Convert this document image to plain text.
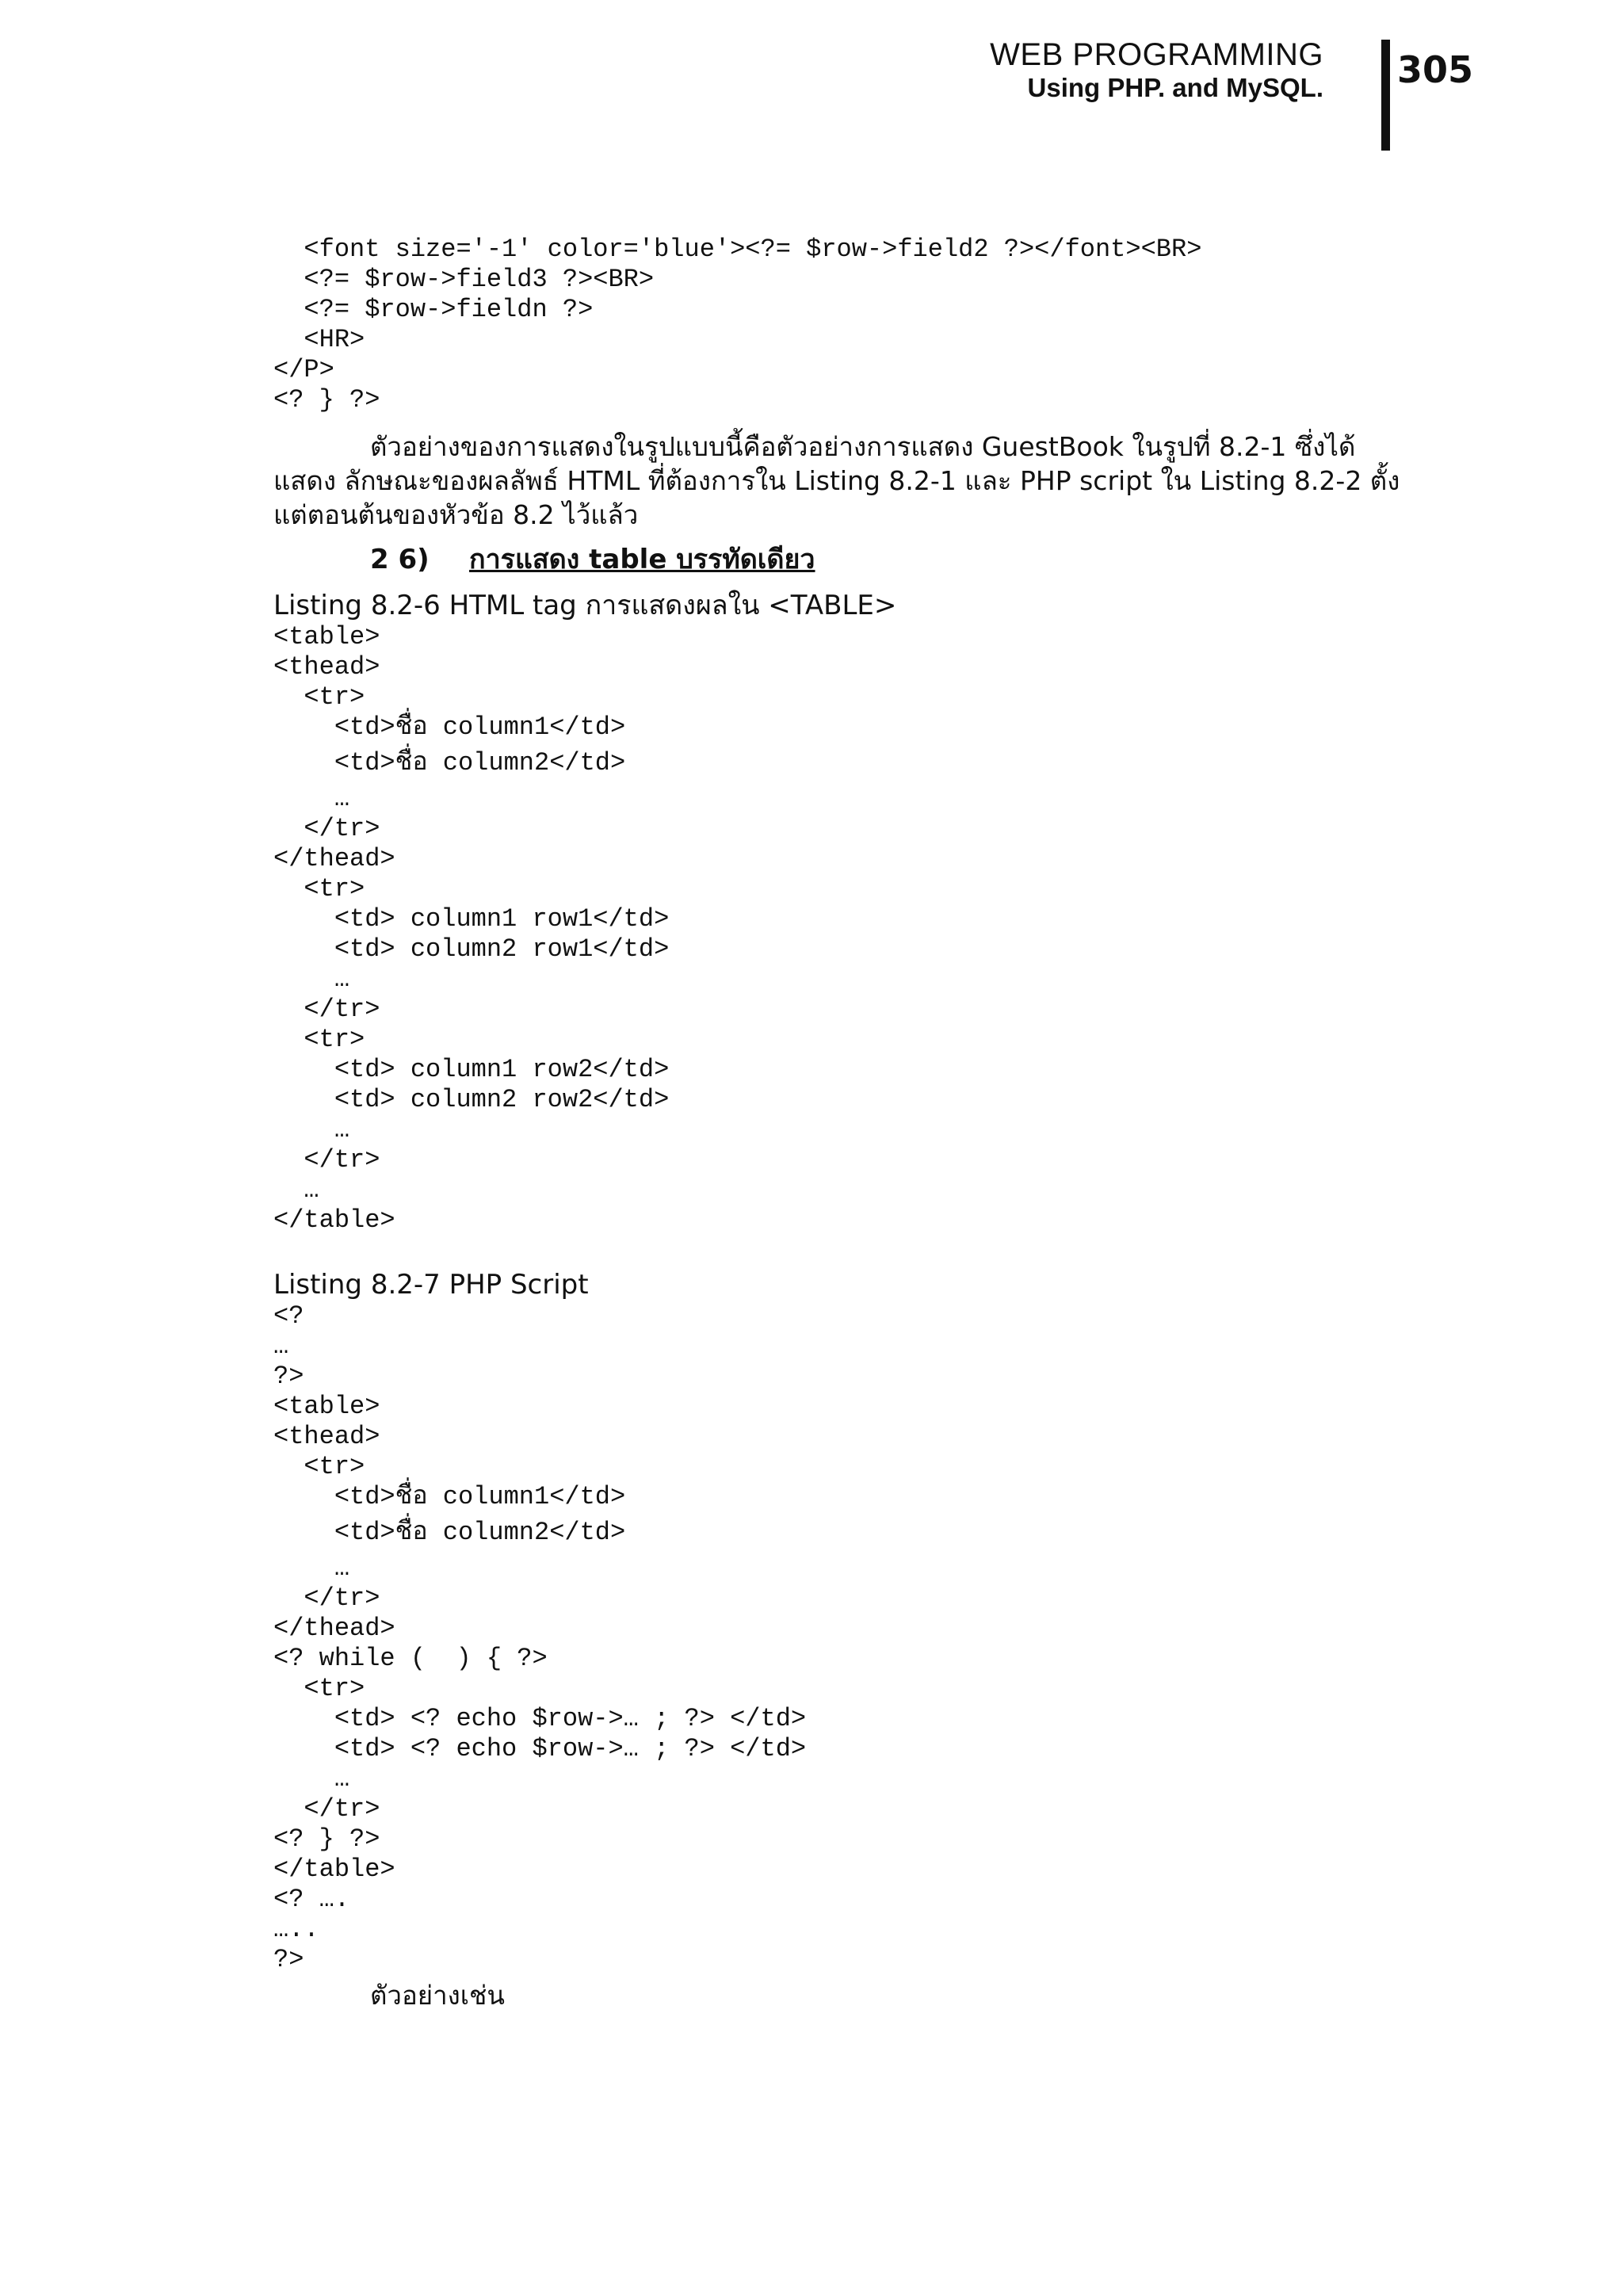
WEB PROGRAMMING
Using PHP. and MySQL. 305
<font size='-1' color='blue'><?= $row->field2 ?></font><BR>
<?= $row->field3 ?><BR>
<?= $row->fieldn ?>
<HR>
</P>
<? } ?>
ตัวอย่างของการแสดงในรูปแบบนี้คือตัวอย่างการแสดง GuestBook ในรูปที่ 8.2-1 ซึ่งได้
แสดง ลักษณะของผลลัพธ์ HTML ที่ต้องการใน Listing 8.2-1 และ PHP script ใน Listing 8.2-2 ตั้ง
แต่ตอนต้นของหัวข้อ 8.2 ไว้แล้ว
2 6) การแสดง table บรรทัดเดียว
Listing 8.2-6 HTML tag การแสดงผลใน <TABLE>
<table>
<thead>
<tr>
<td>ชื่อ column1</td>
<td>ชื่อ column2</td>
…
</tr>
</thead>
<tr>
<td> column1 row1</td>
<td> column2 row1</td>
…
</tr>
<tr>
<td> column1 row2</td>
<td> column2 row2</td>
…
</tr>
…
</table>
Listing 8.2-7 PHP Script
<?
…
?>
<table>
<thead>
<tr>
<td>ชื่อ column1</td>
<td>ชื่อ column2</td>
…
</tr>
</thead>
<? while (  ) { ?>
<tr>
<td> <? echo $row->… ; ?> </td>
<td> <? echo $row->… ; ?> </td>
…
</tr>
<? } ?>
</table>
<? ….
…..
?>
ตัวอย่างเช่น
